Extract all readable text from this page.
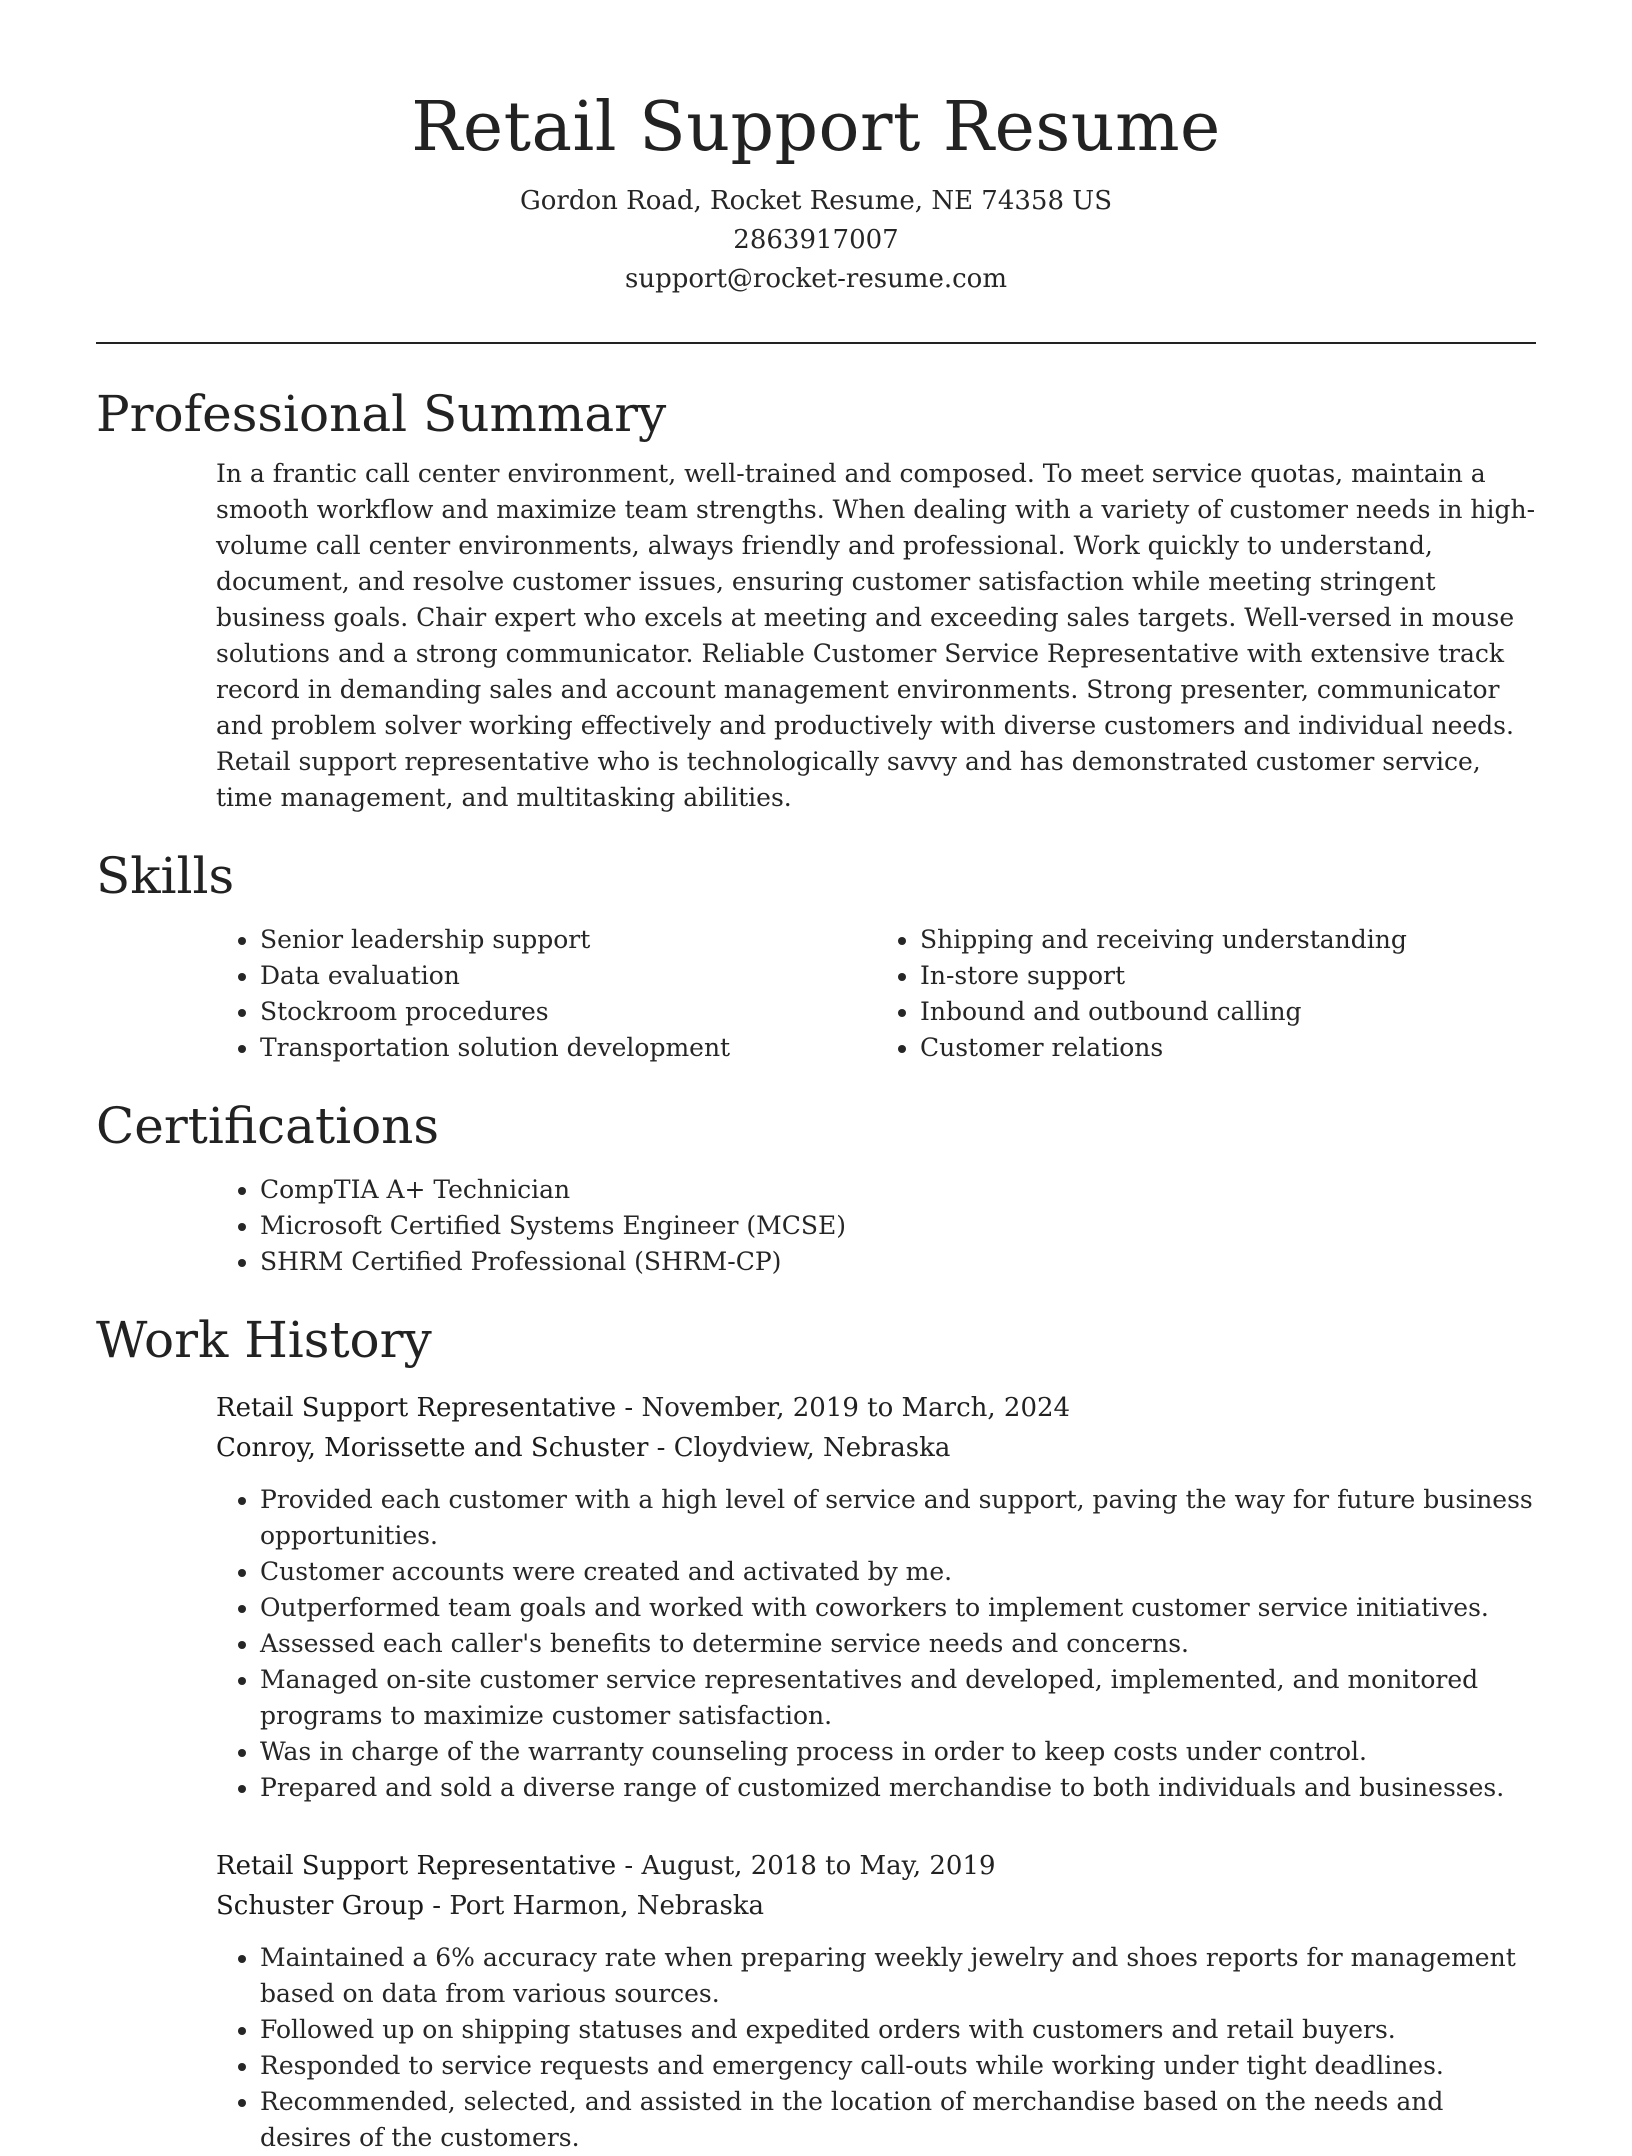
Retail Support Resume
Gordon Road, Rocket Resume, NE 74358 US
2863917007
support@rocket-resume.com
Professional Summary

In a frantic call center environment, well-trained and composed. To meet service quotas, maintain a smooth workflow and maximize team strengths. When dealing with a variety of customer needs in high-volume call center environments, always friendly and professional. Work quickly to understand, document, and resolve customer issues, ensuring customer satisfaction while meeting stringent business goals. Chair expert who excels at meeting and exceeding sales targets. Well-versed in mouse solutions and a strong communicator. Reliable Customer Service Representative with extensive track record in demanding sales and account management environments. Strong presenter, communicator and problem solver working effectively and productively with diverse customers and individual needs. Retail support representative who is technologically savvy and has demonstrated customer service, time management, and multitasking abilities.

Skills
• Senior leadership support
• Data evaluation
• Stockroom procedures
• Transportation solution development
• Shipping and receiving understanding
• In-store support
• Inbound and outbound calling
• Customer relations
Certifications
• CompTIA A+ Technician
• Microsoft Certified Systems Engineer (MCSE)
• SHRM Certified Professional (SHRM-CP)
Work History
Retail Support Representative - November, 2019 to March, 2024
Conroy, Morissette and Schuster - Cloydview, Nebraska
• Provided each customer with a high level of service and support, paving the way for future business opportunities.
• Customer accounts were created and activated by me.
• Outperformed team goals and worked with coworkers to implement customer service initiatives.
• Assessed each caller's benefits to determine service needs and concerns.
• Managed on-site customer service representatives and developed, implemented, and monitored programs to maximize customer satisfaction.
• Was in charge of the warranty counseling process in order to keep costs under control.
• Prepared and sold a diverse range of customized merchandise to both individuals and businesses.
Retail Support Representative - August, 2018 to May, 2019
Schuster Group - Port Harmon, Nebraska
• Maintained a 6% accuracy rate when preparing weekly jewelry and shoes reports for management based on data from various sources.
• Followed up on shipping statuses and expedited orders with customers and retail buyers.
• Responded to service requests and emergency call-outs while working under tight deadlines.
• Recommended, selected, and assisted in the location of merchandise based on the needs and desires of the customers.
